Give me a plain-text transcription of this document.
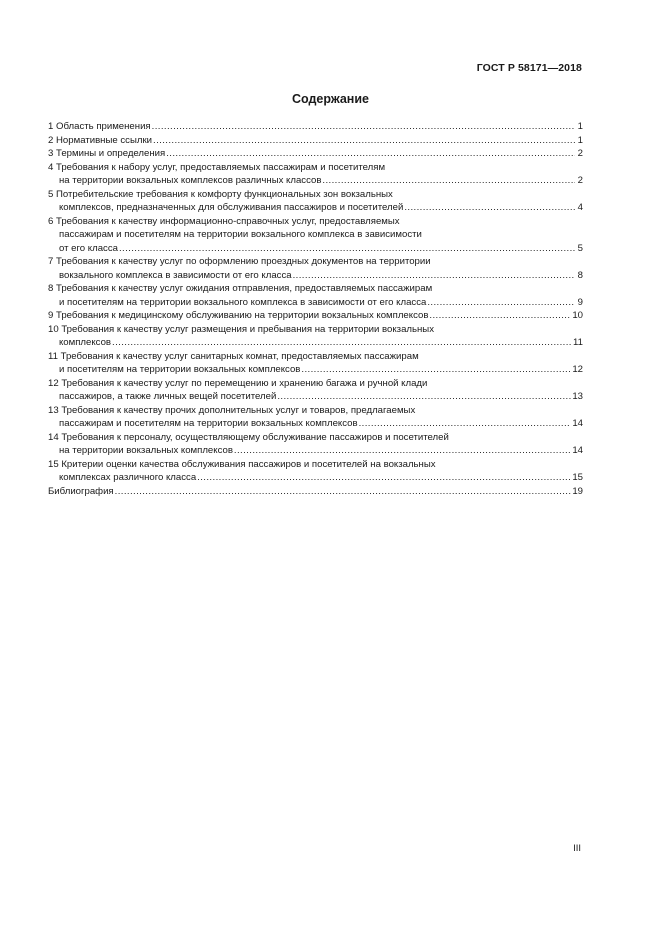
ГОСТ Р 58171—2018
Содержание
1 Область применения .....	1
2 Нормативные ссылки .....	1
3 Термины и определения .....	2
4 Требования к набору услуг, предоставляемых пассажирам и посетителям
на территории вокзальных комплексов различных классов .....	2
5 Потребительские требования к комфорту функциональных зон вокзальных
комплексов, предназначенных для обслуживания пассажиров и посетителей .....	4
6 Требования к качеству информационно-справочных услуг, предоставляемых
пассажирам и посетителям на территории вокзального комплекса в зависимости
от его класса .....	5
7 Требования к качеству услуг по оформлению проездных документов на территории
вокзального комплекса в зависимости от его класса .....	8
8 Требования к качеству услуг ожидания отправления, предоставляемых пассажирам
и посетителям на территории вокзального комплекса в зависимости от его класса .....	9
9 Требования к медицинскому обслуживанию на территории вокзальных комплексов .....	10
10 Требования к качеству услуг размещения и пребывания на территории вокзальных
комплексов .....	11
11 Требования к качеству услуг санитарных комнат, предоставляемых пассажирам
и посетителям на территории вокзальных комплексов .....	12
12 Требования к качеству услуг по перемещению и хранению багажа и ручной клади
пассажиров, а также личных вещей посетителей .....	13
13 Требования к качеству прочих дополнительных услуг и товаров, предлагаемых
пассажирам и посетителям на территории вокзальных комплексов .....	14
14 Требования к персоналу, осуществляющему обслуживание пассажиров и посетителей
на территории вокзальных комплексов .....	14
15 Критерии оценки качества обслуживания пассажиров и посетителей на вокзальных
комплексах различного класса .....	15
Библиография .....	19
III
